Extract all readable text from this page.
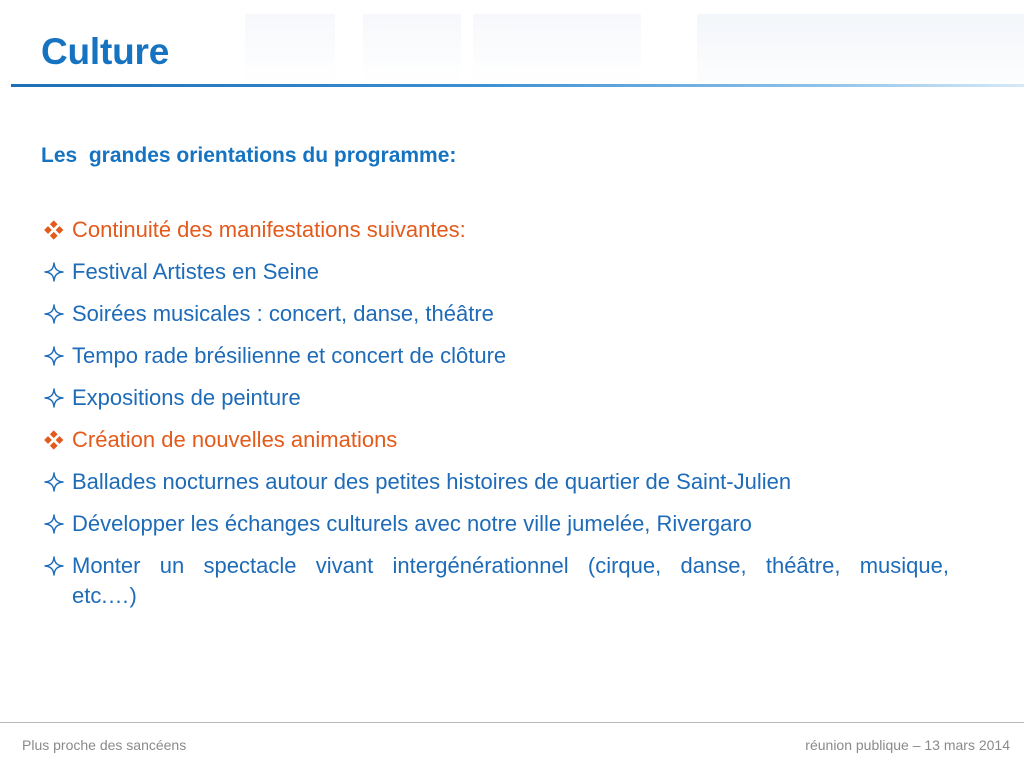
Culture

Les  grandes orientations du programme:

Continuité des manifestations suivantes:
Festival Artistes en Seine
Soirées musicales : concert, danse, théâtre
Tempo rade brésilienne et concert de clôture
Expositions de peinture
Création de nouvelles animations
Ballades nocturnes autour des petites histoires de quartier de Saint-Julien
Développer les échanges culturels avec notre ville jumelée, Rivergaro
Monter un spectacle vivant intergénérationnel (cirque, danse, théâtre, musique, etc.…)

Plus proche des sancéens	réunion publique – 13 mars 2014
